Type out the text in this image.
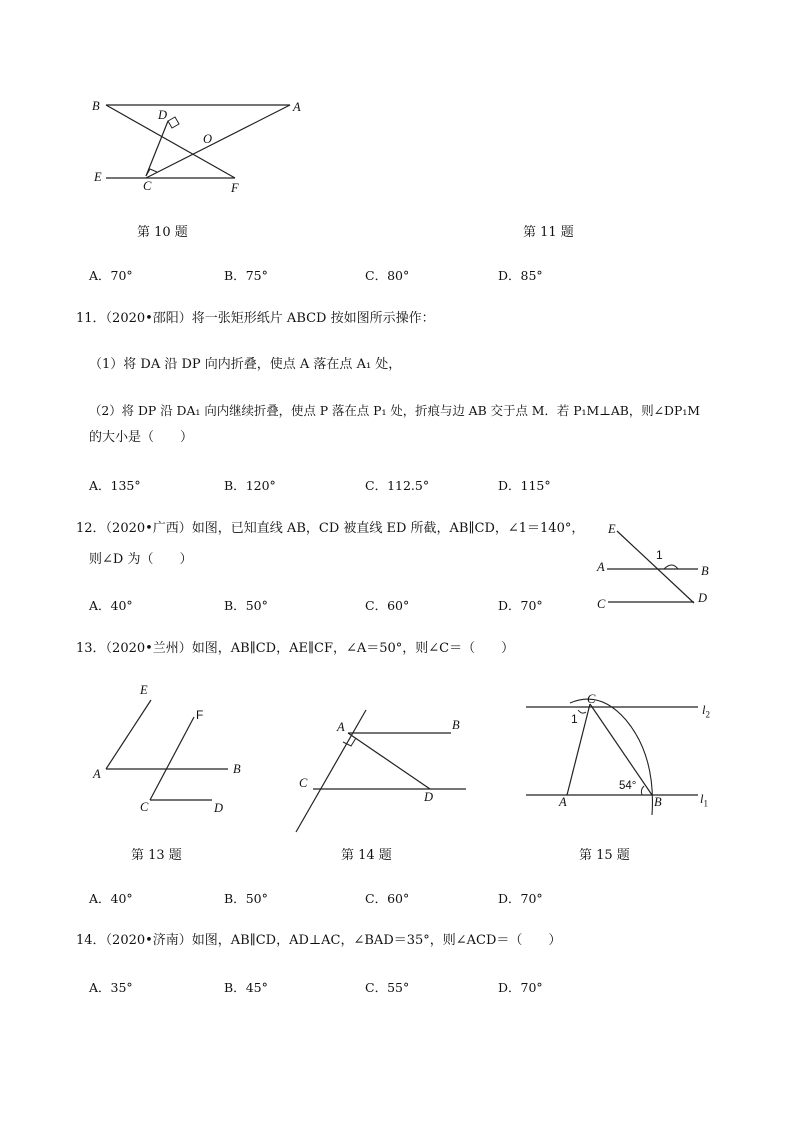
B	A
D
O
E
C	F
第 10 题	第 11 题
A．70°	B．75°	C．80°	D．85°
11．（2020•邵阳）将一张矩形纸片 ABCD 按如图所示操作：
（1）将 DA 沿 DP 向内折叠，使点 A 落在点 A₁ 处，
（2）将 DP 沿 DA₁ 向内继续折叠，使点 P 落在点 P₁ 处，折痕与边 AB 交于点 M．若 P₁M⊥AB，则∠DP₁M
的大小是（　　）
A．135°	B．120°	C．112.5°	D．115°
12．（2020•广西）如图，已知直线 AB，CD 被直线 ED 所截，AB∥CD，∠1＝140°，
则∠D 为（　　）
E
1
A	B
C	D
A．40°	B．50°	C．60°	D．70°
13．（2020•兰州）如图，AB∥CD，AE∥CF，∠A＝50°，则∠C＝（　　）
E
F
A	B
C	D
第 13 题
A	B
C
D
第 14 题
C
$l_2$
1
54°
A	B	$l_1$
第 15 题
A．40°	B．50°	C．60°	D．70°
14．（2020•济南）如图，AB∥CD，AD⊥AC，∠BAD＝35°，则∠ACD＝（　　）
A．35°	B．45°	C．55°	D．70°
